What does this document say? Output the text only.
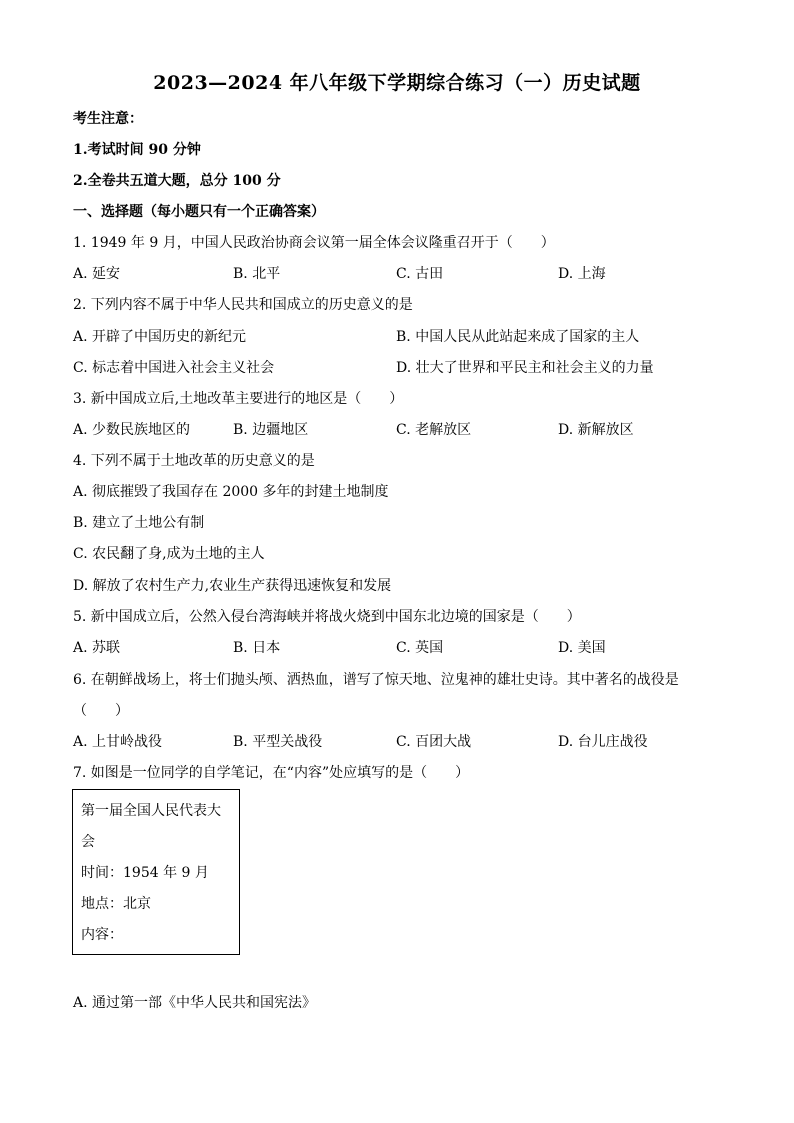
2023—2024 年八年级下学期综合练习（一）历史试题
考生注意：
1.考试时间 90 分钟
2.全卷共五道大题，总分 100 分
一、选择题（每小题只有一个正确答案）
1. 1949 年 9 月，中国人民政治协商会议第一届全体会议隆重召开于（　　）
A. 延安	B. 北平	C. 古田	D. 上海
2. 下列内容不属于中华人民共和国成立的历史意义的是
A. 开辟了中国历史的新纪元	B. 中国人民从此站起来成了国家的主人
C. 标志着中国进入社会主义社会	D. 壮大了世界和平民主和社会主义的力量
3. 新中国成立后,土地改革主要进行的地区是（　　）
A. 少数民族地区的	B. 边疆地区	C. 老解放区	D. 新解放区
4. 下列不属于土地改革的历史意义的是
A. 彻底摧毁了我国存在 2000 多年的封建土地制度
B. 建立了土地公有制
C. 农民翻了身,成为土地的主人
D. 解放了农村生产力,农业生产获得迅速恢复和发展
5. 新中国成立后，公然入侵台湾海峡并将战火烧到中国东北边境的国家是（　　）
A. 苏联	B. 日本	C. 英国	D. 美国
6. 在朝鲜战场上，将士们抛头颅、洒热血，谱写了惊天地、泣鬼神的雄壮史诗。其中著名的战役是
（　　）
A. 上甘岭战役	B. 平型关战役	C. 百团大战	D. 台儿庄战役
7. 如图是一位同学的自学笔记，在“内容”处应填写的是（　　）
第一届全国人民代表大
会
时间：1954 年 9 月
地点：北京
内容：
A. 通过第一部《中华人民共和国宪法》
